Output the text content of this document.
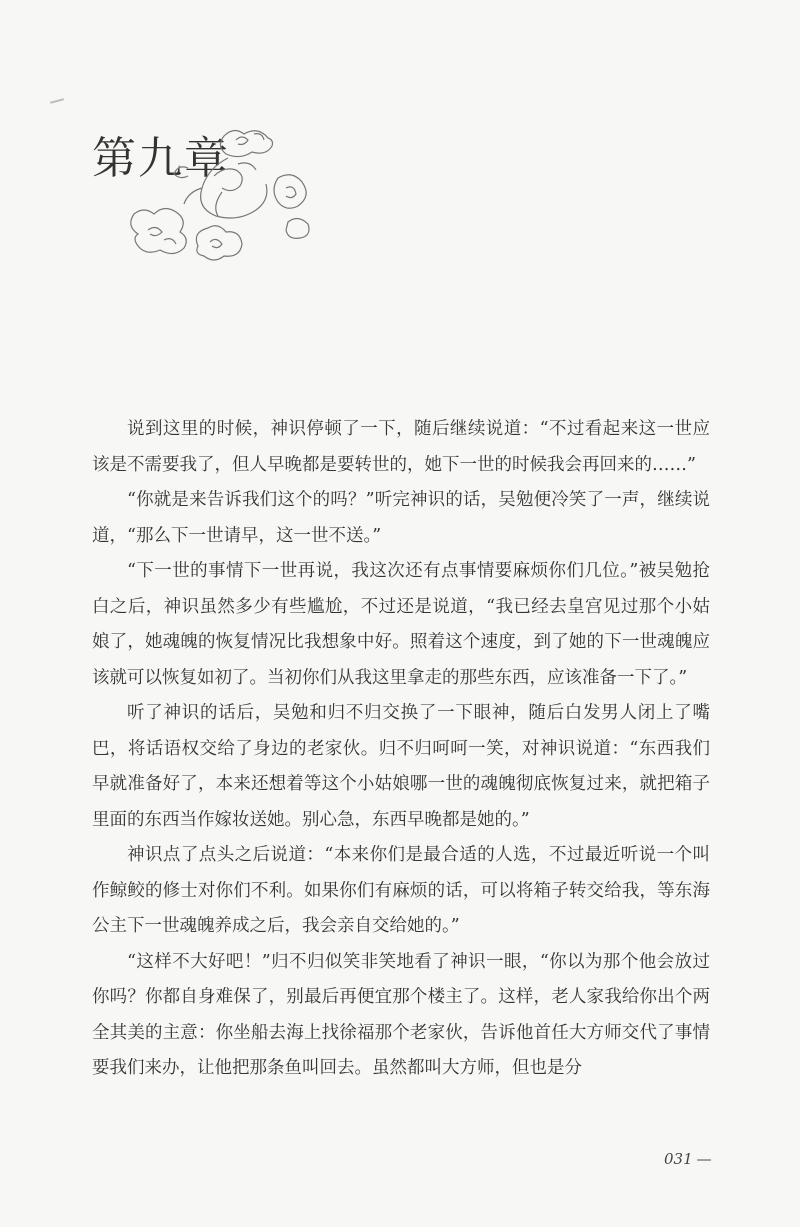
第九章

说到这里的时候，神识停顿了一下，随后继续说道：“不过看起来这一世应该是不需要我了，但人早晚都是要转世的，她下一世的时候我会再回来的……”

“你就是来告诉我们这个的吗？”听完神识的话，吴勉便冷笑了一声，继续说道，“那么下一世请早，这一世不送。”

“下一世的事情下一世再说，我这次还有点事情要麻烦你们几位。”被吴勉抢白之后，神识虽然多少有些尴尬，不过还是说道，“我已经去皇宫见过那个小姑娘了，她魂魄的恢复情况比我想象中好。照着这个速度，到了她的下一世魂魄应该就可以恢复如初了。当初你们从我这里拿走的那些东西，应该准备一下了。”

听了神识的话后，吴勉和归不归交换了一下眼神，随后白发男人闭上了嘴巴，将话语权交给了身边的老家伙。归不归呵呵一笑，对神识说道：“东西我们早就准备好了，本来还想着等这个小姑娘哪一世的魂魄彻底恢复过来，就把箱子里面的东西当作嫁妆送她。别心急，东西早晚都是她的。”

神识点了点头之后说道：“本来你们是最合适的人选，不过最近听说一个叫作鲸鲛的修士对你们不利。如果你们有麻烦的话，可以将箱子转交给我，等东海公主下一世魂魄养成之后，我会亲自交给她的。”

“这样不大好吧！”归不归似笑非笑地看了神识一眼，“你以为那个他会放过你吗？你都自身难保了，别最后再便宜那个楼主了。这样，老人家我给你出个两全其美的主意：你坐船去海上找徐福那个老家伙，告诉他首任大方师交代了事情要我们来办，让他把那条鱼叫回去。虽然都叫大方师，但也是分

031 —
